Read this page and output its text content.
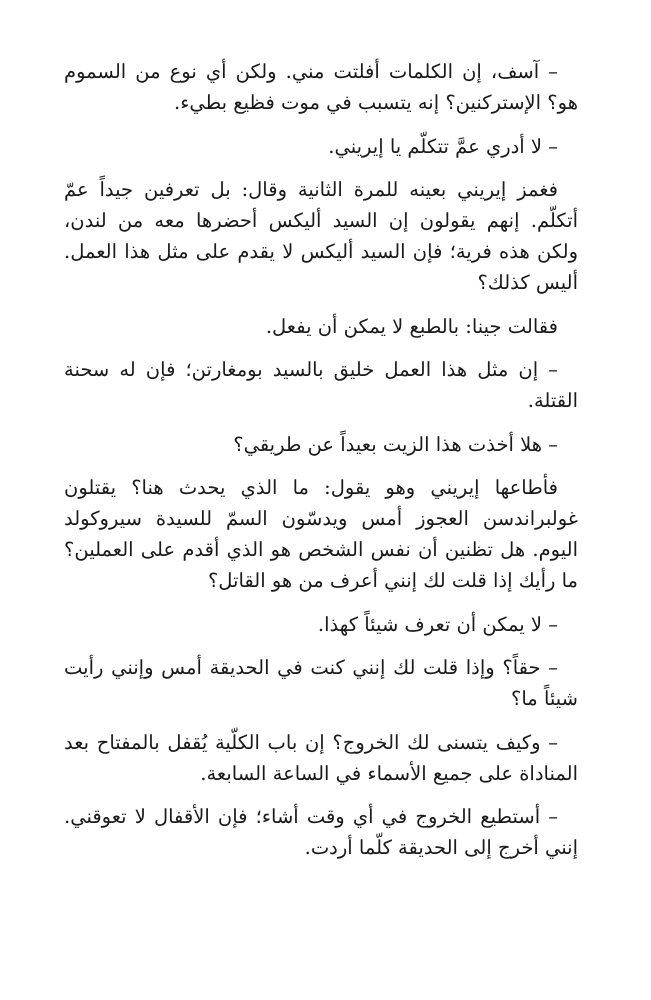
– آسف، إن الكلمات أفلتت مني. ولكن أي نوع من السموم هو؟ الإستركنين؟ إنه يتسبب في موت فظيع بطيء.

– لا أدري عمَّ تتكلّم يا إيريني.

فغمز إيريني بعينه للمرة الثانية وقال: بل تعرفين جيداً عمّ أتكلّم. إنهم يقولون إن السيد أليكس أحضرها معه من لندن، ولكن هذه فرية؛ فإن السيد أليكس لا يقدم على مثل هذا العمل. أليس كذلك؟

فقالت جينا: بالطبع لا يمكن أن يفعل.

– إن مثل هذا العمل خليق بالسيد بومغارتن؛ فإن له سحنة القتلة.

– هلا أخذت هذا الزيت بعيداً عن طريقي؟

فأطاعها إيريني وهو يقول: ما الذي يحدث هنا؟ يقتلون غولبراندسن العجوز أمس ويدسّون السمّ للسيدة سيروكولد اليوم. هل تظنين أن نفس الشخص هو الذي أقدم على العملين؟ ما رأيك إذا قلت لك إنني أعرف من هو القاتل؟

– لا يمكن أن تعرف شيئاً كهذا.

– حقاً؟ وإذا قلت لك إنني كنت في الحديقة أمس وإنني رأيت شيئاً ما؟

– وكيف يتسنى لك الخروج؟ إن باب الكلّية يُقفل بالمفتاح بعد المناداة على جميع الأسماء في الساعة السابعة.

– أستطيع الخروج في أي وقت أشاء؛ فإن الأقفال لا تعوقني. إنني أخرج إلى الحديقة كلّما أردت.
